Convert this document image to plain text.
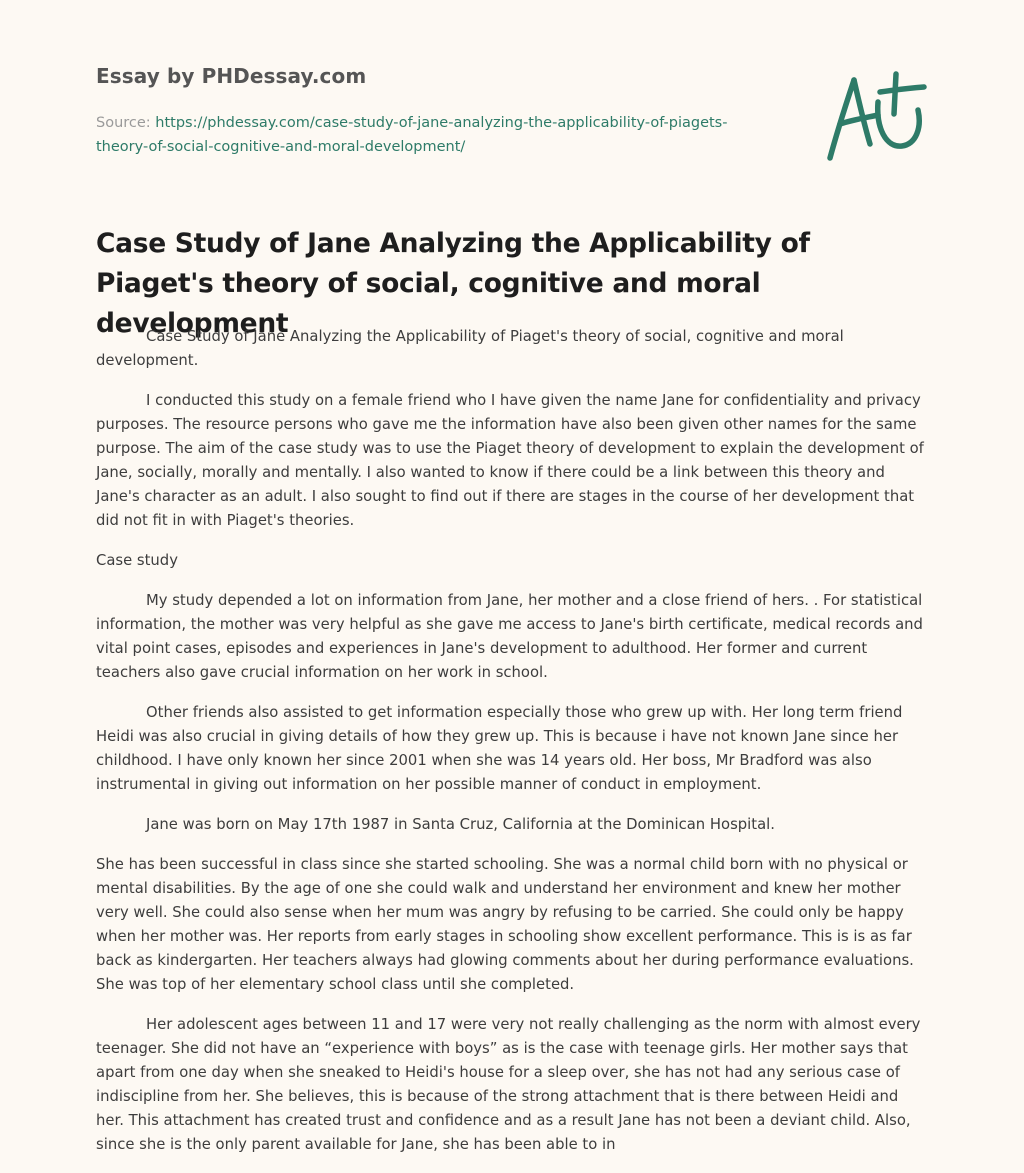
Essay by PHDessay.com
Source: https://phdessay.com/case-study-of-jane-analyzing-the-applicability-of-piagets-theory-of-social-cognitive-and-moral-development/
Case Study of Jane Analyzing the Applicability of Piaget's theory of social, cognitive and moral development

Case Study of Jane Analyzing the Applicability of Piaget's theory of social, cognitive and moral development.

I conducted this study on a female friend who I have given the name Jane for confidentiality and privacy purposes. The resource persons who gave me the information have also been given other names for the same purpose. The aim of the case study was to use the Piaget theory of development to explain the development of Jane, socially, morally and mentally. I also wanted to know if there could be a link between this theory and Jane's character as an adult. I also sought to find out if there are stages in the course of her development that did not fit in with Piaget's theories.

Case study

My study depended a lot on information from Jane, her mother and a close friend of hers. . For statistical information, the mother was very helpful as she gave me access to Jane's birth certificate, medical records and vital point cases, episodes and experiences in Jane's development to adulthood. Her former and current teachers also gave crucial information on her work in school.

Other friends also assisted to get information especially those who grew up with. Her long term friend Heidi was also crucial in giving details of how they grew up. This is because i have not known Jane since her childhood. I have only known her since 2001 when she was 14 years old. Her boss, Mr Bradford was also instrumental in giving out information on her possible manner of conduct in employment.

Jane was born on May 17th 1987 in Santa Cruz, California at the Dominican Hospital.

She has been successful in class since she started schooling. She was a normal child born with no physical or mental disabilities. By the age of one she could walk and understand her environment and knew her mother very well. She could also sense when her mum was angry by refusing to be carried. She could only be happy when her mother was. Her reports from early stages in schooling show excellent performance. This is is as far back as kindergarten. Her teachers always had glowing comments about her during performance evaluations. She was top of her elementary school class until she completed.

Her adolescent ages between 11 and 17 were very not really challenging as the norm with almost every teenager. She did not have an “experience with boys” as is the case with teenage girls. Her mother says that apart from one day when she sneaked to Heidi's house for a sleep over, she has not had any serious case of indiscipline from her. She believes, this is because of the strong attachment that is there between Heidi and her. This attachment has created trust and confidence and as a result Jane has not been a deviant child. Also, since she is the only parent available for Jane, she has been able to in
